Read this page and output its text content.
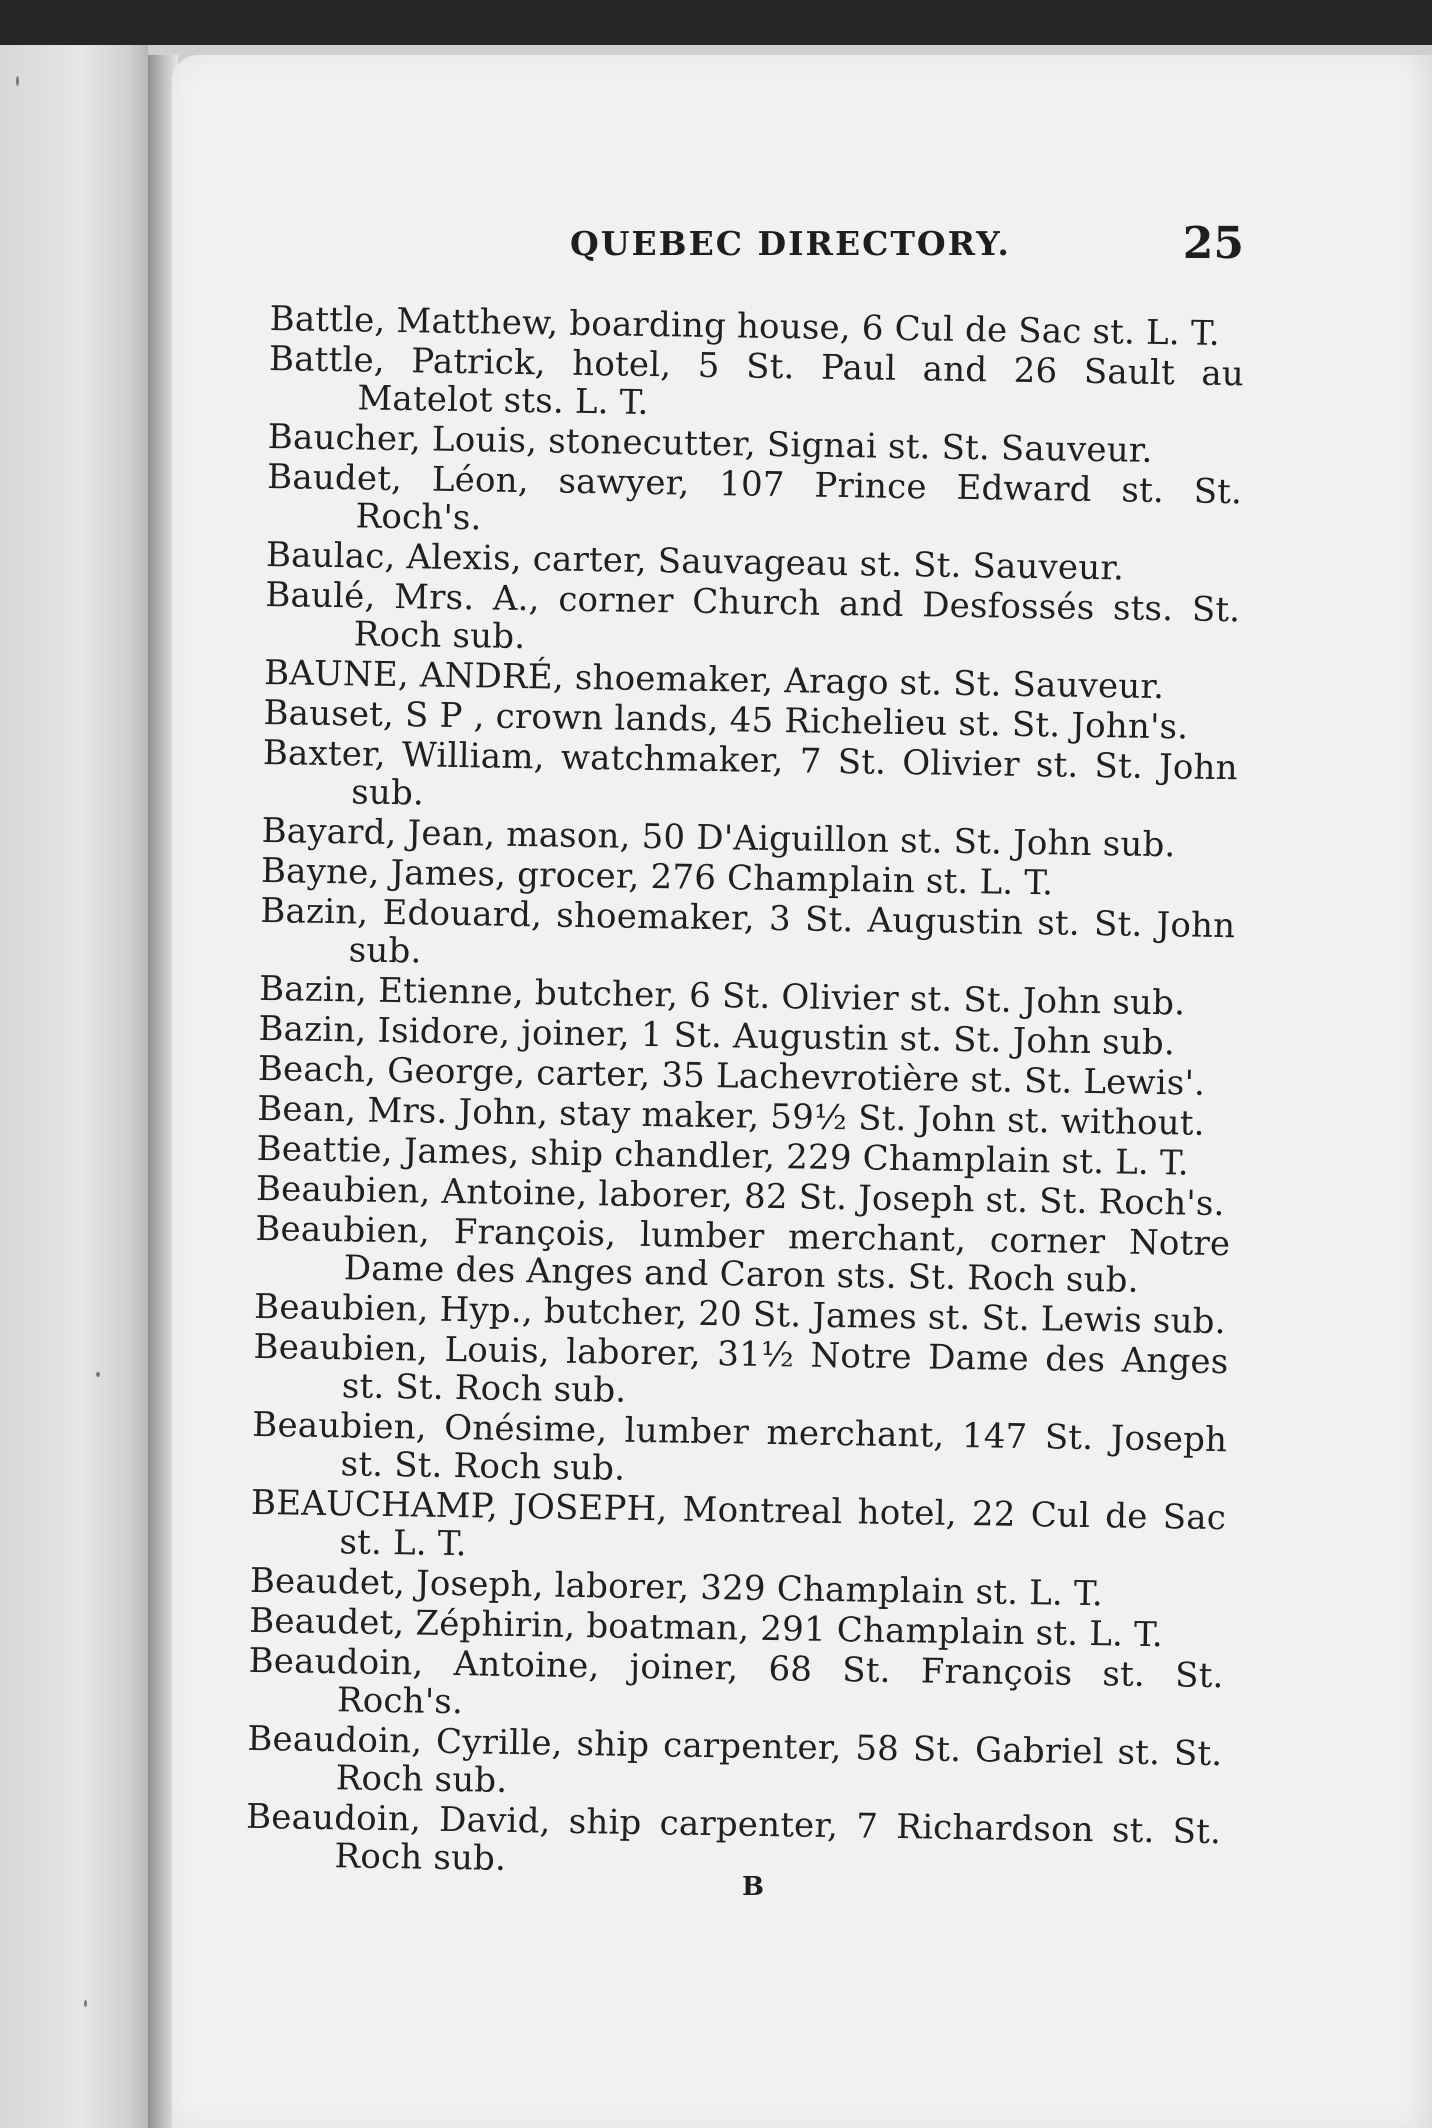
QUEBEC DIRECTORY.	25
Battle, Matthew, boarding house, 6 Cul de Sac st. L. T.
Battle, Patrick, hotel, 5 St. Paul and 26 Sault au Matelot sts. L. T.
Baucher, Louis, stonecutter, Signai st. St. Sauveur.
Baudet, Léon, sawyer, 107 Prince Edward st. St. Roch's.
Baulac, Alexis, carter, Sauvageau st. St. Sauveur.
Baulé, Mrs. A., corner Church and Desfossés sts. St. Roch sub.
BAUNE, ANDRÉ, shoemaker, Arago st. St. Sauveur.
Bauset, S P , crown lands, 45 Richelieu st. St. John's.
Baxter, William, watchmaker, 7 St. Olivier st. St. John sub.
Bayard, Jean, mason, 50 D'Aiguillon st. St. John sub.
Bayne, James, grocer, 276 Champlain st. L. T.
Bazin, Edouard, shoemaker, 3 St. Augustin st. St. John sub.
Bazin, Etienne, butcher, 6 St. Olivier st. St. John sub.
Bazin, Isidore, joiner, 1 St. Augustin st. St. John sub.
Beach, George, carter, 35 Lachevrotière st. St. Lewis'.
Bean, Mrs. John, stay maker, 59½ St. John st. without.
Beattie, James, ship chandler, 229 Champlain st. L. T.
Beaubien, Antoine, laborer, 82 St. Joseph st. St. Roch's.
Beaubien, François, lumber merchant, corner Notre Dame des Anges and Caron sts. St. Roch sub.
Beaubien, Hyp., butcher, 20 St. James st. St. Lewis sub.
Beaubien, Louis, laborer, 31½ Notre Dame des Anges st. St. Roch sub.
Beaubien, Onésime, lumber merchant, 147 St. Joseph st. St. Roch sub.
BEAUCHAMP, JOSEPH, Montreal hotel, 22 Cul de Sac st. L. T.
Beaudet, Joseph, laborer, 329 Champlain st. L. T.
Beaudet, Zéphirin, boatman, 291 Champlain st. L. T.
Beaudoin, Antoine, joiner, 68 St. François st. St. Roch's.
Beaudoin, Cyrille, ship carpenter, 58 St. Gabriel st. St. Roch sub.
Beaudoin, David, ship carpenter, 7 Richardson st. St. Roch sub.
B
